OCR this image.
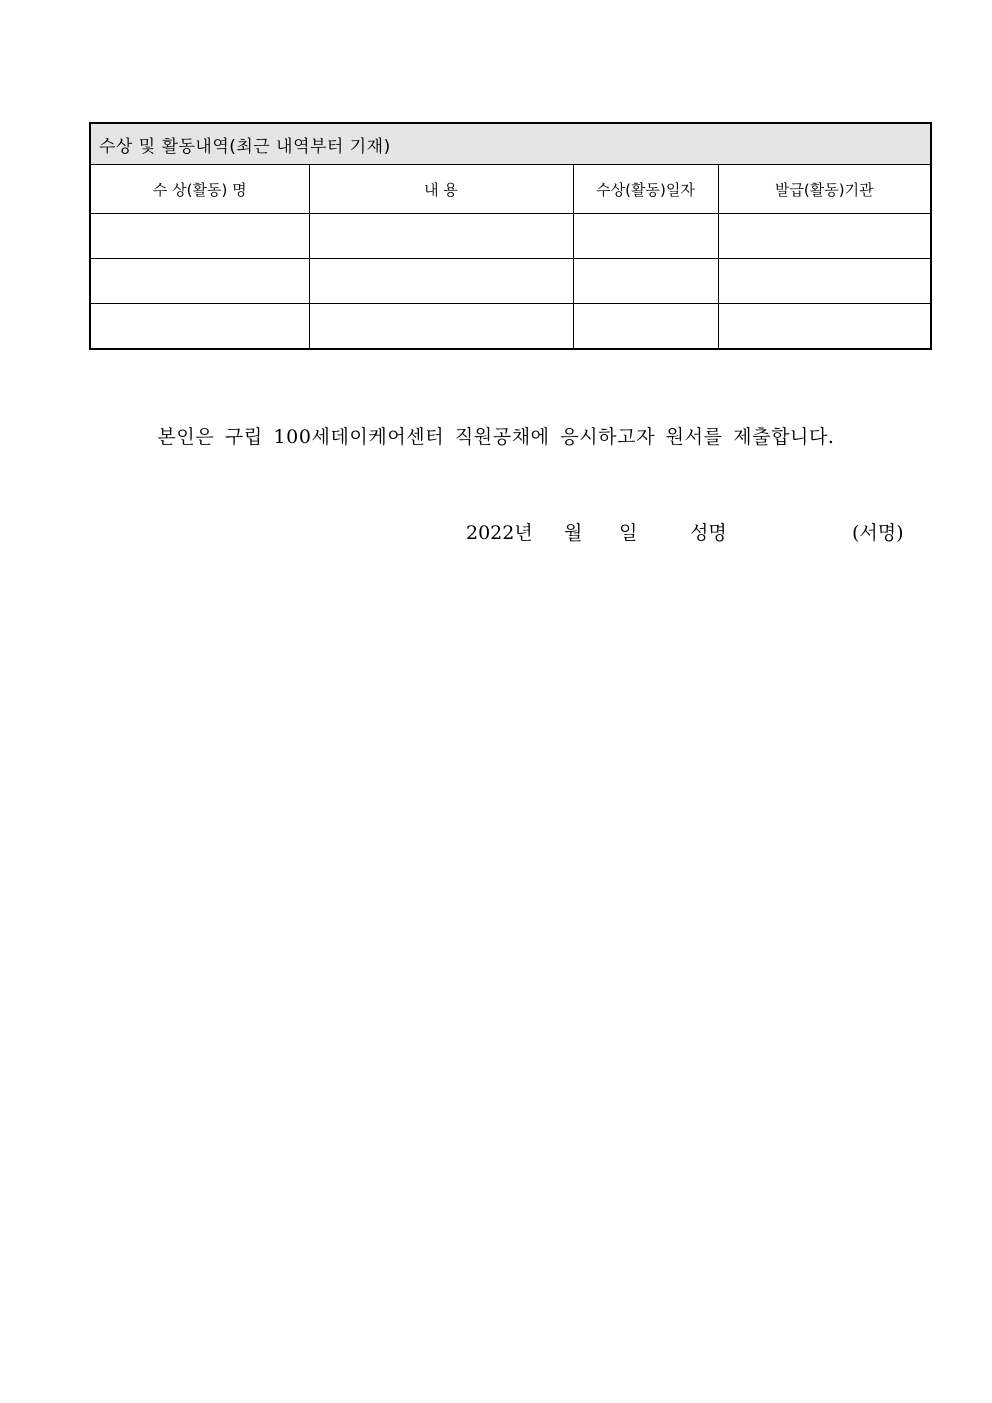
수상 및 활동내역(최근 내역부터 기재)			
수 상(활동) 명	내 용	수상(활동)일자	발급(활동)기관

본인은 구립 100세데이케어센터 직원공채에 응시하고자 원서를 제출합니다.
2022년 월 일	성명	(서명)
